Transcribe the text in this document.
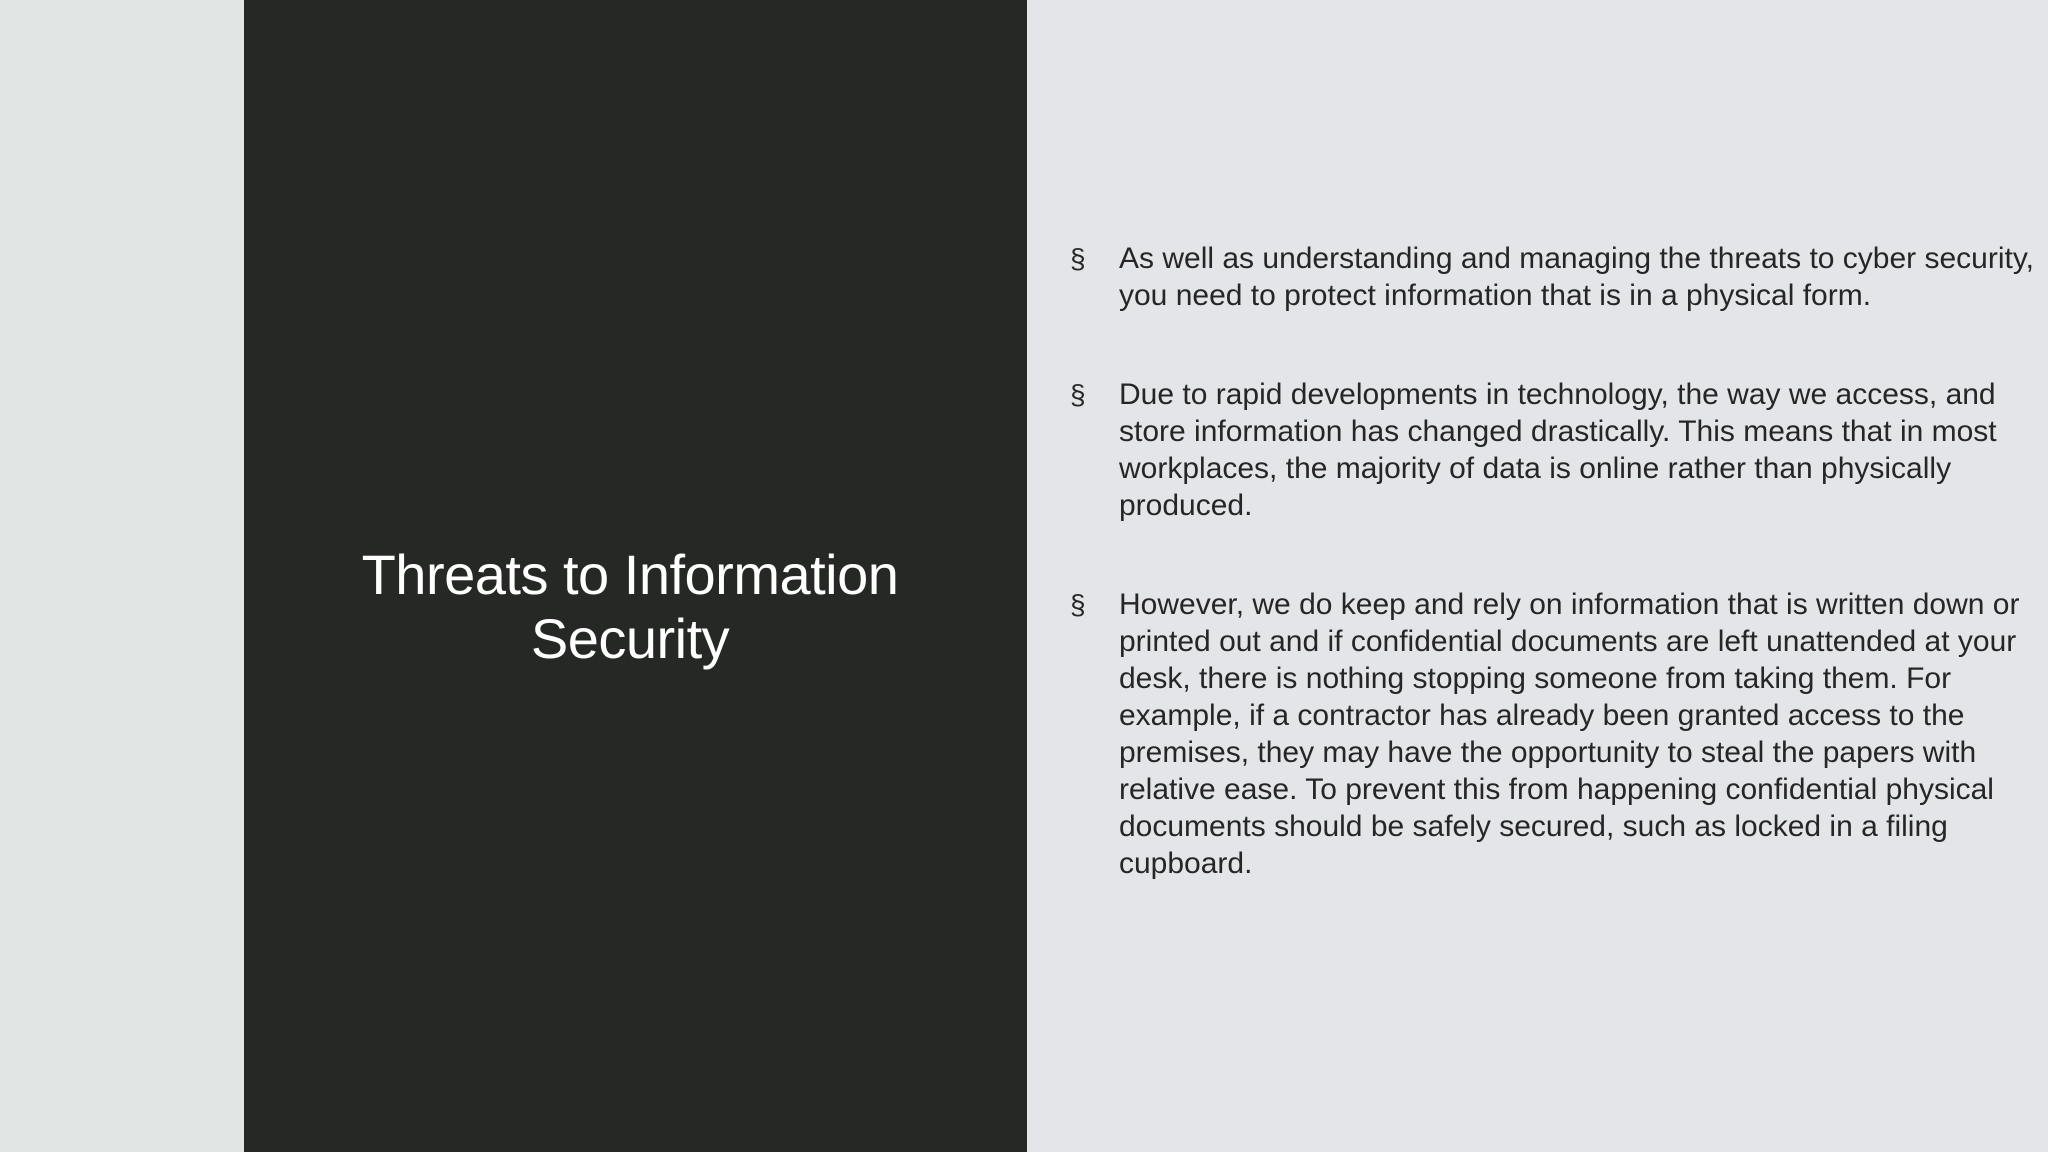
Threats to Information Security
§ As well as understanding and managing the threats to cyber security, you need to protect information that is in a physical form.
§ Due to rapid developments in technology, the way we access, and store information has changed drastically. This means that in most workplaces, the majority of data is online rather than physically produced.
§ However, we do keep and rely on information that is written down or printed out and if confidential documents are left unattended at your desk, there is nothing stopping someone from taking them. For example, if a contractor has already been granted access to the premises, they may have the opportunity to steal the papers with relative ease. To prevent this from happening confidential physical documents should be safely secured, such as locked in a filing cupboard.
